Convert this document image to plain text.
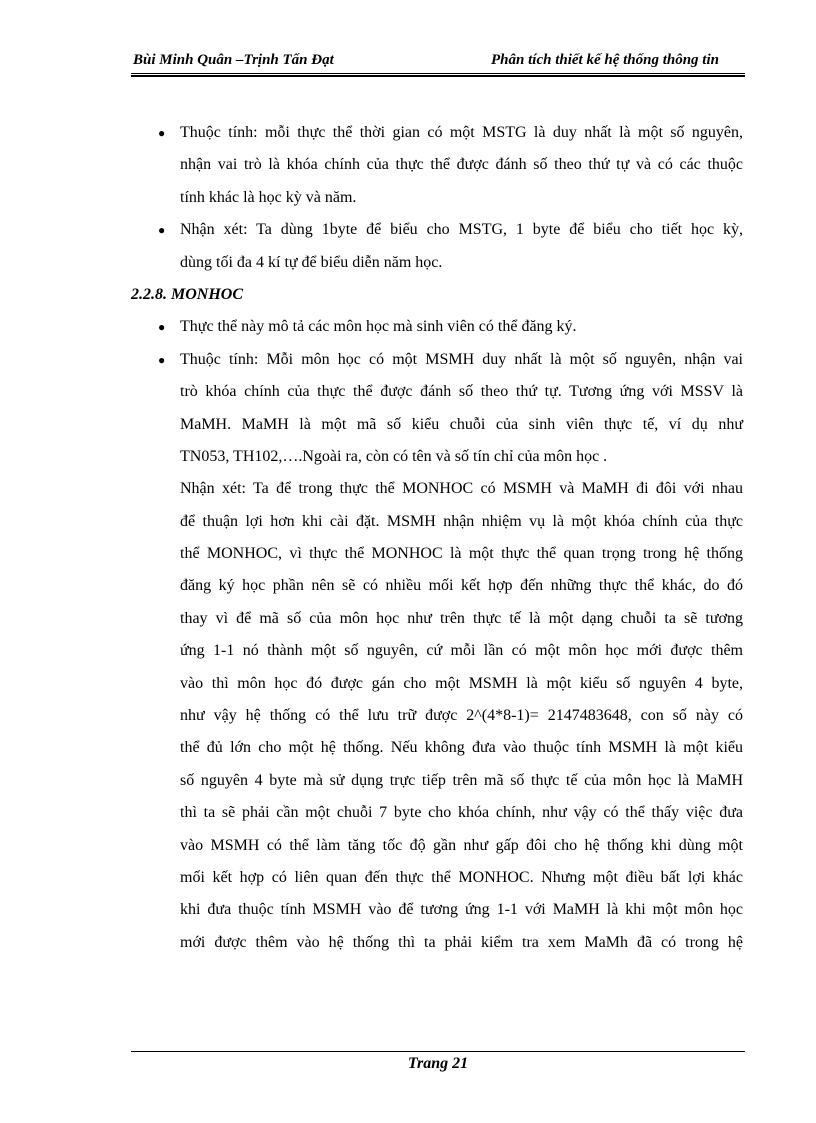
Bùi Minh Quân –Trịnh Tấn Đạt	Phân tích thiết kế hệ thống thông tin
● Thuộc tính: mỗi thực thể thời gian có một MSTG là duy nhất là một số nguyên,
nhận vai trò là khóa chính của thực thể được đánh số theo thứ tự và có các thuộc
tính khác là học kỳ và năm.
● Nhận xét: Ta dùng 1byte để biểu cho MSTG, 1 byte để biểu cho tiết học kỳ,
dùng tối đa 4 kí tự để biểu diễn năm học.
2.2.8. MONHOC
● Thực thể này mô tả các môn học mà sinh viên có thể đăng ký.
● Thuộc tính: Mỗi môn học có một MSMH duy nhất là một số nguyên, nhận vai
trò khóa chính của thực thể được đánh số theo thứ tự. Tương ứng với MSSV là
MaMH. MaMH là một mã số kiểu chuỗi của sinh viên thực tế, ví dụ như
TN053, TH102,….Ngoài ra, còn có tên và số tín chỉ của môn học .
Nhận xét: Ta để trong thực thể MONHOC có MSMH và MaMH đi đôi với nhau
để thuận lợi hơn khi cài đặt. MSMH nhận nhiệm vụ là một khóa chính của thực
thể MONHOC, vì thực thể MONHOC là một thực thể quan trọng trong hệ thống
đăng ký học phần nên sẽ có nhiều mối kết hợp đến những thực thể khác, do đó
thay vì để mã số của môn học như trên thực tế là một dạng chuỗi ta sẽ tương
ứng 1-1 nó thành một số nguyên, cứ mỗi lần có một môn học mới được thêm
vào thì môn học đó được gán cho một MSMH là một kiểu số nguyên 4 byte,
như vậy hệ thống có thể lưu trữ được 2^(4*8-1)= 2147483648, con số này có
thể đủ lớn cho một hệ thống. Nếu không đưa vào thuộc tính MSMH là một kiểu
số nguyên 4 byte mà sử dụng trực tiếp trên mã số thực tế của môn học là MaMH
thì ta sẽ phải cần một chuỗi 7 byte cho khóa chính, như vậy có thể thấy việc đưa
vào MSMH có thể làm tăng tốc độ gần như gấp đôi cho hệ thống khi dùng một
mối kết hợp có liên quan đến thực thể MONHOC. Nhưng một điều bất lợi khác
khi đưa thuộc tính MSMH vào để tương ứng 1-1 với MaMH là khi một môn học
mới được thêm vào hệ thống thì ta phải kiểm tra xem MaMh đã có trong hệ
Trang 21
